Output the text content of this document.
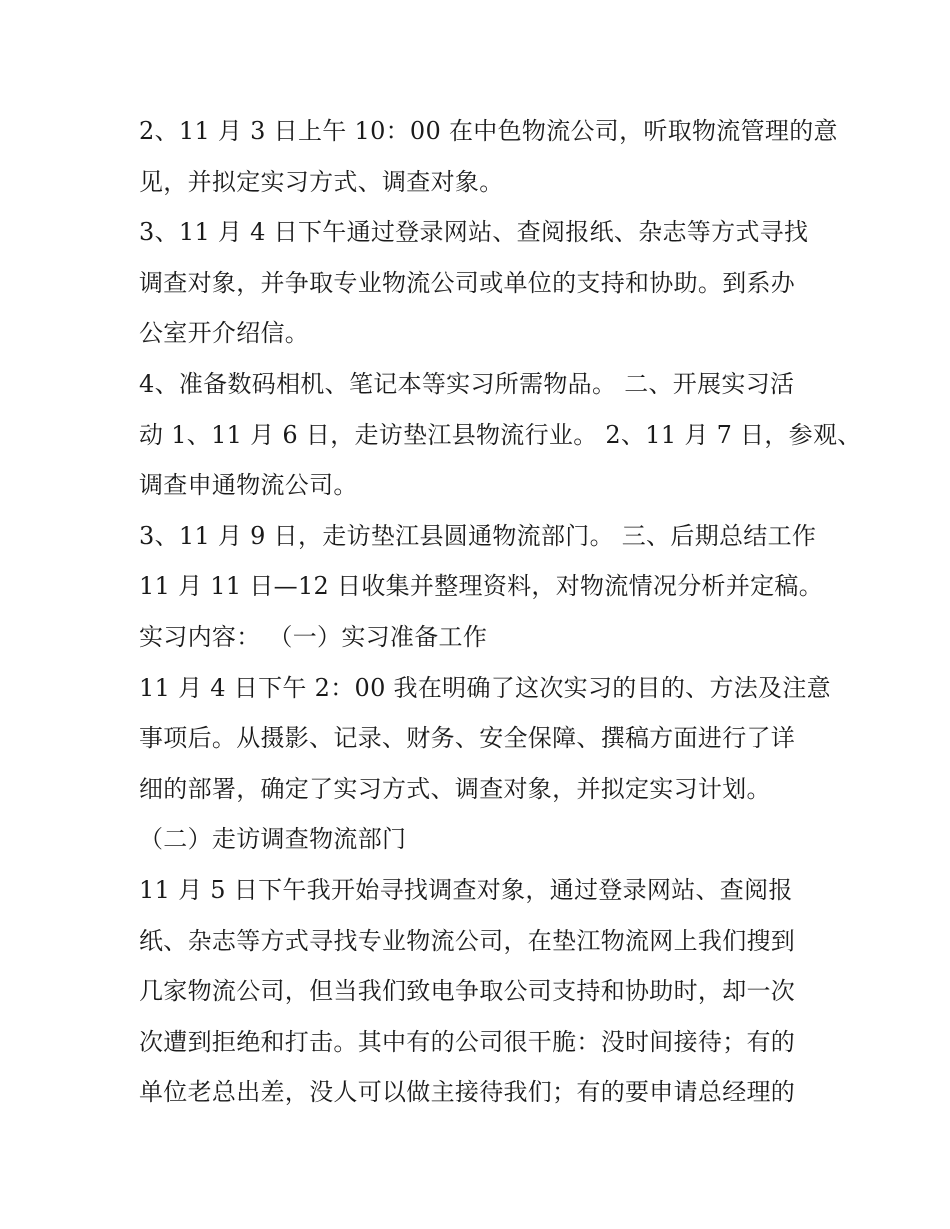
2、11 月 3 日上午 10：00 在中色物流公司，听取物流管理的意
见，并拟定实习方式、调查对象。
3、11 月 4 日下午通过登录网站、查阅报纸、杂志等方式寻找
调查对象，并争取专业物流公司或单位的支持和协助。到系办
公室开介绍信。
4、准备数码相机、笔记本等实习所需物品。 二、开展实习活
动 1、11 月 6 日，走访垫江县物流行业。 2、11 月 7 日，参观、
调查申通物流公司。
3、11 月 9 日，走访垫江县圆通物流部门。 三、后期总结工作
11 月 11 日—12 日收集并整理资料，对物流情况分析并定稿。
实习内容： （一）实习准备工作
11 月 4 日下午 2：00 我在明确了这次实习的目的、方法及注意
事项后。从摄影、记录、财务、安全保障、撰稿方面进行了详
细的部署，确定了实习方式、调查对象，并拟定实习计划。
（二）走访调查物流部门
11 月 5 日下午我开始寻找调查对象，通过登录网站、查阅报
纸、杂志等方式寻找专业物流公司，在垫江物流网上我们搜到
几家物流公司，但当我们致电争取公司支持和协助时，却一次
次遭到拒绝和打击。其中有的公司很干脆：没时间接待；有的
单位老总出差，没人可以做主接待我们；有的要申请总经理的
